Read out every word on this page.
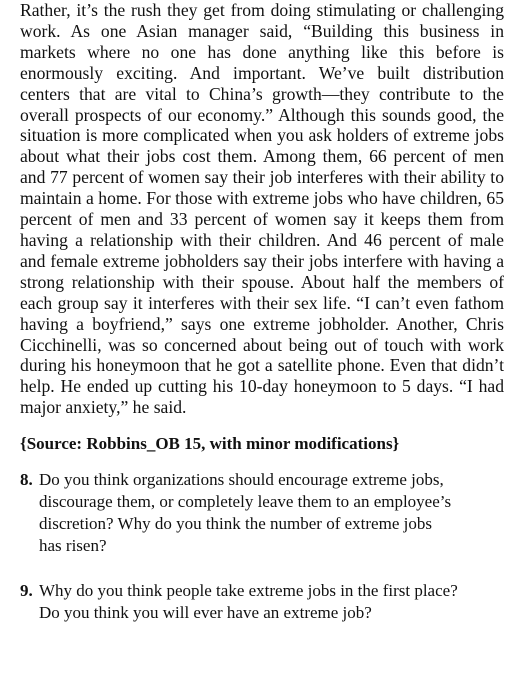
Rather, it’s the rush they get from doing stimulating or challenging work. As one Asian manager said, “Building this business in markets where no one has done anything like this before is enormously exciting. And important. We’ve built distribution centers that are vital to China’s growth—they contribute to the overall prospects of our economy.” Although this sounds good, the situation is more complicated when you ask holders of extreme jobs about what their jobs cost them. Among them, 66 percent of men and 77 percent of women say their job interferes with their ability to maintain a home. For those with extreme jobs who have children, 65 percent of men and 33 percent of women say it keeps them from having a relationship with their children. And 46 percent of male and female extreme jobholders say their jobs interfere with having a strong relationship with their spouse. About half the members of each group say it interferes with their sex life. “I can’t even fathom having a boyfriend,” says one extreme jobholder. Another, Chris Cicchinelli, was so concerned about being out of touch with work during his honeymoon that he got a satellite phone. Even that didn’t help. He ended up cutting his 10-day honeymoon to 5 days. “I had major anxiety,” he said.

{Source: Robbins_OB 15, with minor modifications}
8. Do you think organizations should encourage extreme jobs,
discourage them, or completely leave them to an employee’s
discretion? Why do you think the number of extreme jobs
has risen?
9. Why do you think people take extreme jobs in the first place?
Do you think you will ever have an extreme job?
